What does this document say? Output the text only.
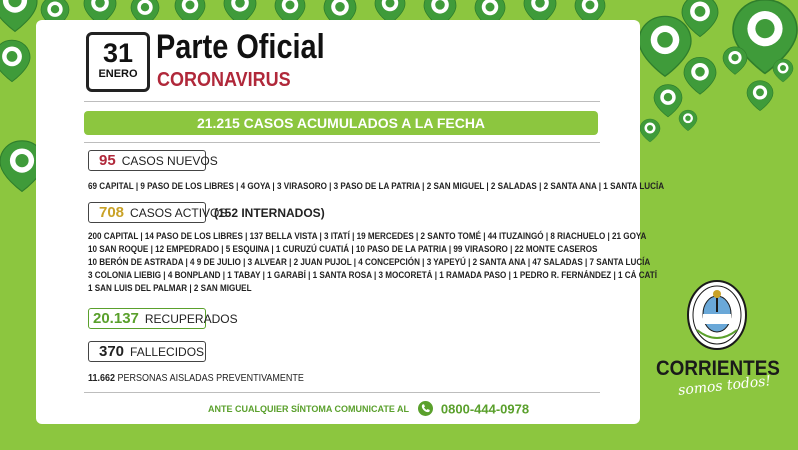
31
ENERO
Parte Oficial
CORONAVIRUS
21.215 CASOS ACUMULADOS A LA FECHA
95 CASOS NUEVOS
69 CAPITAL | 9 PASO DE LOS LIBRES | 4 GOYA | 3 VIRASORO | 3 PASO DE LA PATRIA | 2 SAN MIGUEL | 2 SALADAS | 2 SANTA ANA | 1 SANTA LUCÍA
708 CASOS ACTIVOS
(152 INTERNADOS)
200 CAPITAL | 14 PASO DE LOS LIBRES | 137 BELLA VISTA | 3 ITATÍ | 19 MERCEDES | 2 SANTO TOMÉ | 44 ITUZAINGÓ | 8 RIACHUELO | 21 GOYA
10 SAN ROQUE | 12 EMPEDRADO | 5 ESQUINA | 1 CURUZÚ CUATIÁ | 10 PASO DE LA PATRIA | 99 VIRASORO | 22 MONTE CASEROS
10 BERÓN DE ASTRADA | 4 9 DE JULIO | 3 ALVEAR | 2 JUAN PUJOL | 4 CONCEPCIÓN | 3 YAPEYÚ | 2 SANTA ANA | 47 SALADAS | 7 SANTA LUCÍA
3 COLONIA LIEBIG | 4 BONPLAND | 1 TABAY | 1 GARABÍ | 1 SANTA ROSA | 3 MOCORETÁ | 1 RAMADA PASO | 1 PEDRO R. FERNÁNDEZ | 1 CÁ CATÍ
1 SAN LUIS DEL PALMAR | 2 SAN MIGUEL
20.137 RECUPERADOS
370 FALLECIDOS
11.662 PERSONAS AISLADAS PREVENTIVAMENTE
ANTE CUALQUIER SÍNTOMA COMUNICATE AL 0800-444-0978
CORRIENTES
somos todos!
